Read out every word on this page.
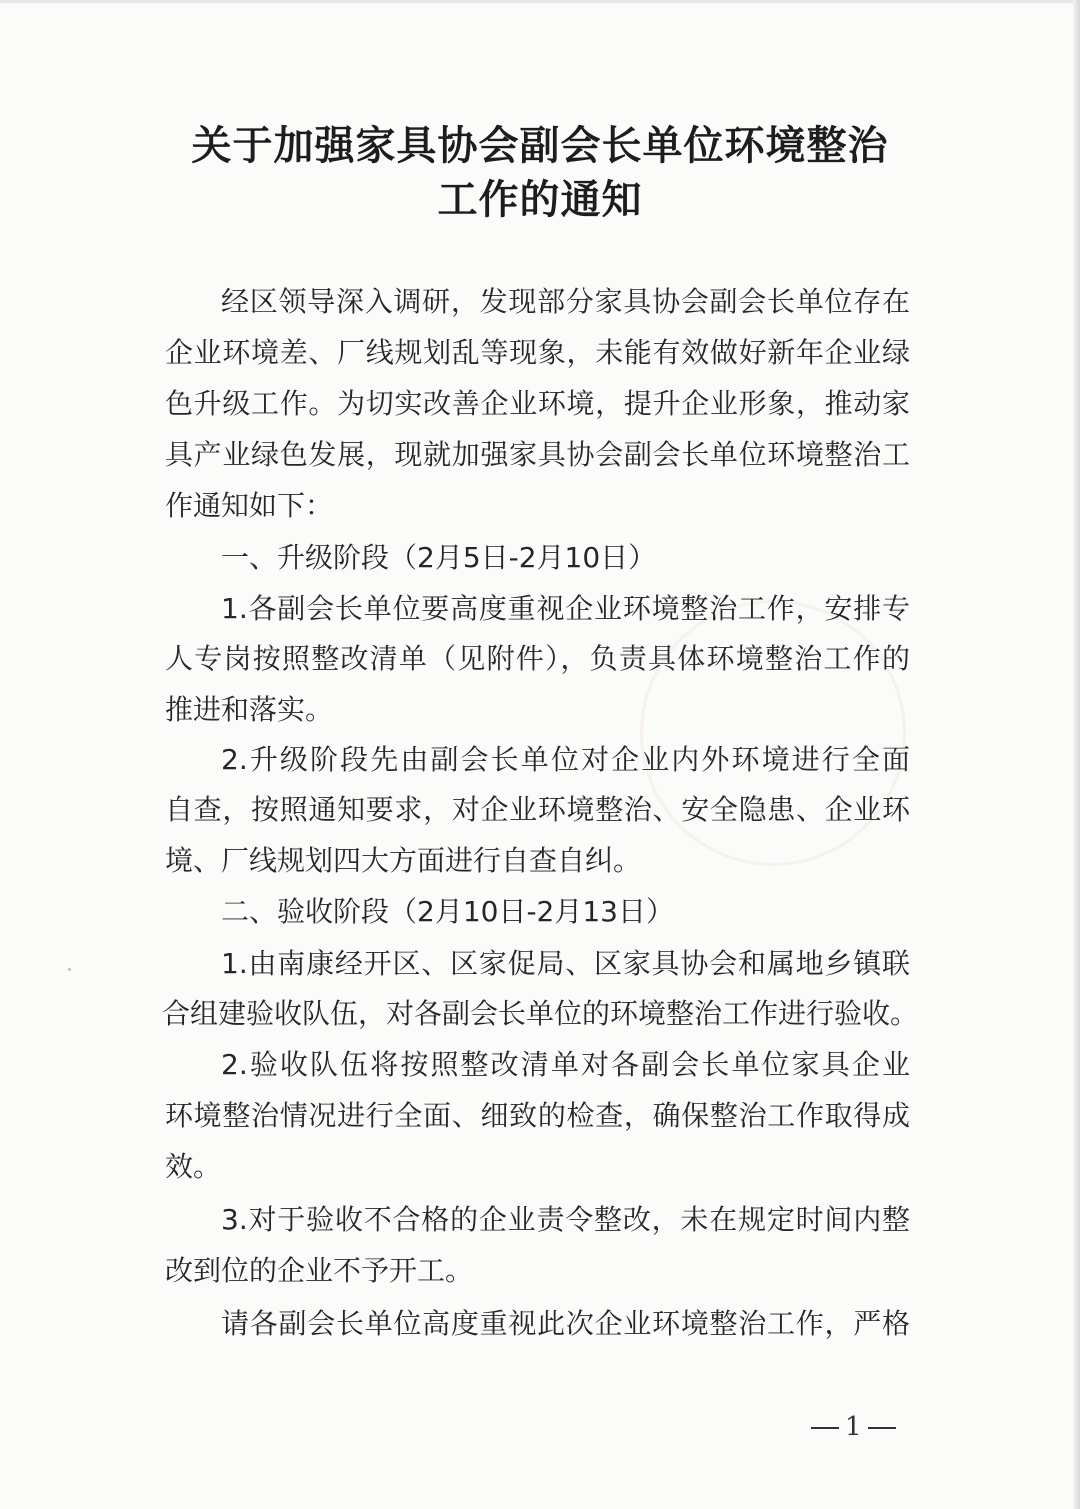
关于加强家具协会副会长单位环境整治
工作的通知

经区领导深入调研，发现部分家具协会副会长单位存在

企业环境差、厂线规划乱等现象，未能有效做好新年企业绿

色升级工作。为切实改善企业环境，提升企业形象，推动家

具产业绿色发展，现就加强家具协会副会长单位环境整治工

作通知如下：

一、升级阶段（2月5日-2月10日）

1.各副会长单位要高度重视企业环境整治工作，安排专

人专岗按照整改清单（见附件），负责具体环境整治工作的

推进和落实。

2.升级阶段先由副会长单位对企业内外环境进行全面

自查，按照通知要求，对企业环境整治、安全隐患、企业环

境、厂线规划四大方面进行自查自纠。

二、验收阶段（2月10日-2月13日）

1.由南康经开区、区家促局、区家具协会和属地乡镇联

合组建验收队伍，对各副会长单位的环境整治工作进行验收。

2.验收队伍将按照整改清单对各副会长单位家具企业

环境整治情况进行全面、细致的检查，确保整治工作取得成

效。

3.对于验收不合格的企业责令整改，未在规定时间内整

改到位的企业不予开工。

请各副会长单位高度重视此次企业环境整治工作，严格

1
